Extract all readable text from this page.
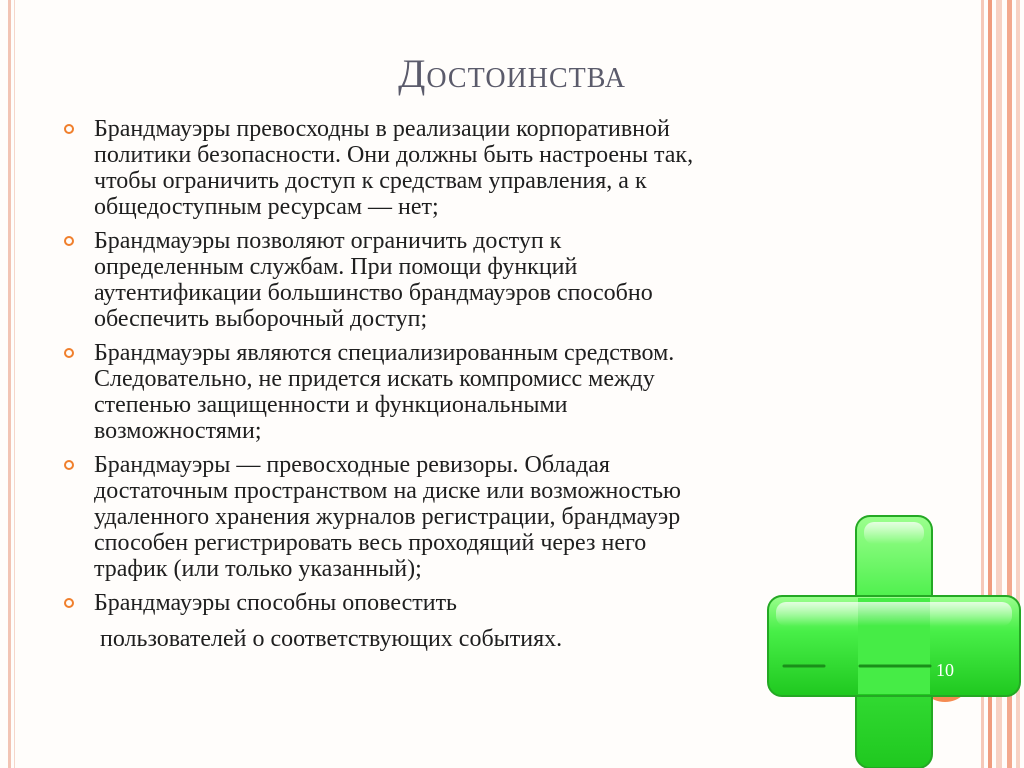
Достоинства
Брандмауэры превосходны в реализации корпоративной
политики безопасности. Они должны быть настроены так,
чтобы ограничить доступ к средствам управления, а к
общедоступным ресурсам — нет;
Брандмауэры позволяют ограничить доступ к
определенным службам. При помощи функций
аутентификации большинство брандмауэров способно
обеспечить выборочный доступ;
Брандмауэры являются специализированным средством.
Следовательно, не придется искать компромисс между
степенью защищенности и функциональными
возможностями;
Брандмауэры — превосходные ревизоры. Обладая
достаточным пространством на диске или возможностью
удаленного хранения журналов регистрации, брандмауэр
способен регистрировать весь проходящий через него
трафик (или только указанный);
Брандмауэры способны оповестить
пользователей о соответствующих событиях.
10
